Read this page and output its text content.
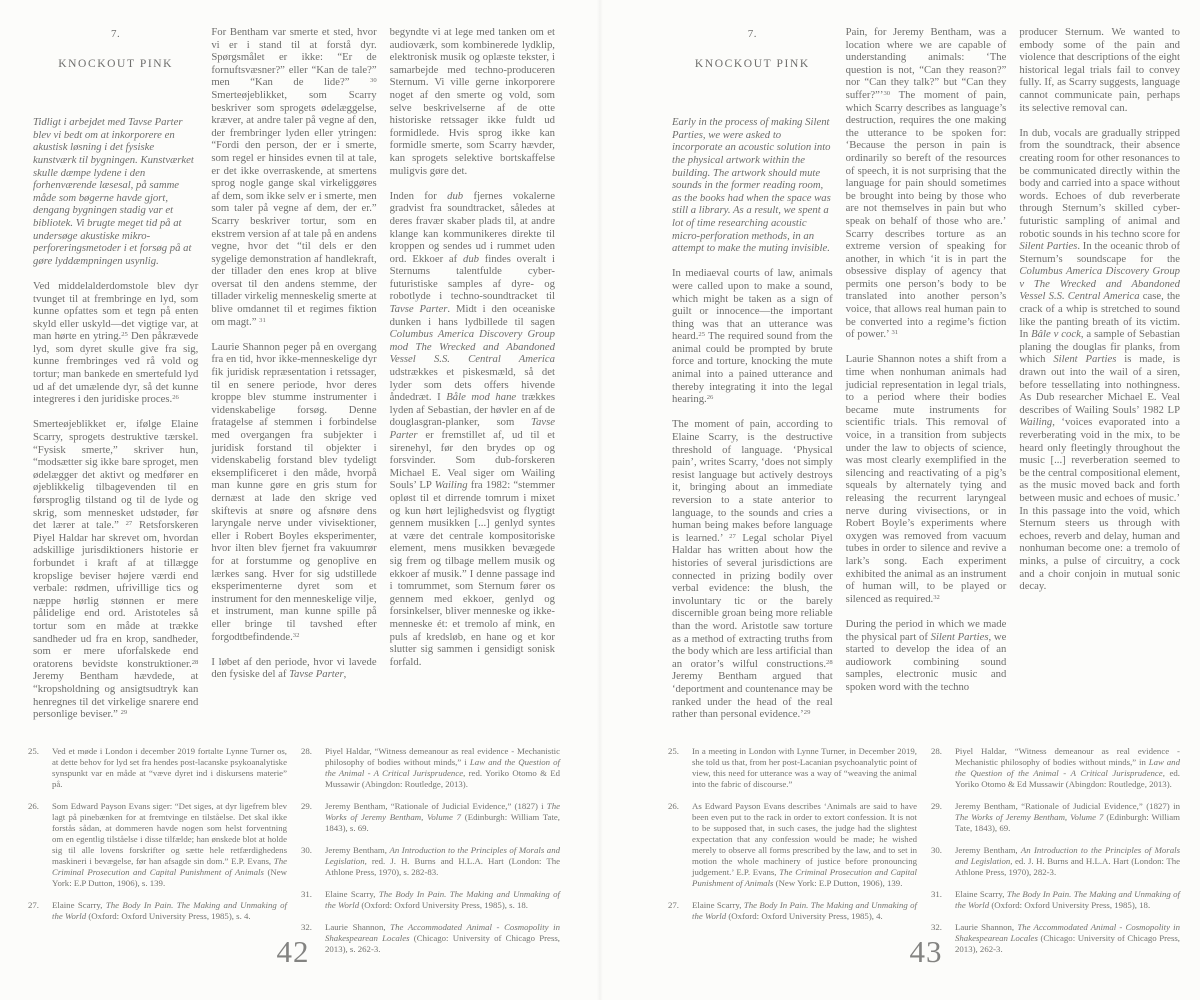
7.
KNOCKOUT PINK

Tidligt i arbejdet med Tavse Parter blev vi bedt om at inkorporere en akustisk løsning i det fysiske kunstværk til bygningen. Kunstværket skulle dæmpe lydene i den forhenværende læsesal, på samme måde som bøgerne havde gjort, dengang bygningen stadig var et bibliotek. Vi brugte meget tid på at undersøge akustiske mikro-perforeringsmetoder i et forsøg på at gøre lyddæmpningen usynlig.

Ved middelalderdomstole blev dyr tvunget til at frembringe en lyd, som kunne opfattes som et tegn på enten skyld eller uskyld—det vigtige var, at man hørte en ytring.$^{25}$ Den påkrævede lyd, som dyret skulle give fra sig, kunne frembringes ved rå vold og tortur; man bankede en smertefuld lyd ud af det umælende dyr, så det kunne integreres i den juridiske proces.$^{26}$

Smerteøjeblikket er, ifølge Elaine Scarry, sprogets destruktive tærskel. “Fysisk smerte,” skriver hun, “modsætter sig ikke bare sproget, men ødelægger det aktivt og medfører en øjeblikkelig tilbagevenden til en førsproglig tilstand og til de lyde og skrig, som mennesket udstøder, før det lærer at tale.” $^{27}$ Retsforskeren Piyel Haldar har skrevet om, hvordan adskillige jurisdiktioners historie er forbundet i kraft af at tillægge kropslige beviser højere værdi end verbale: rødmen, ufrivillige tics og næppe hørlig stønnen er mere pålidelige end ord. Aristoteles så tortur som en måde at trække sandheder ud fra en krop, sandheder, som er mere uforfalskede end oratorens bevidste konstruktioner.$^{28}$ Jeremy Bentham hævdede, at “kropsholdning og ansigtsudtryk kan henregnes til det virkelige snarere end personlige beviser.” $^{29}$

For Bentham var smerte et sted, hvor vi er i stand til at forstå dyr. Spørgsmålet er ikke: “Er de fornuftsvæsner?” eller “Kan de tale?” men “Kan de lide?” $^{30}$ Smerteøjeblikket, som Scarry beskriver som sprogets ødelæggelse, kræver, at andre taler på vegne af den, der frembringer lyden eller ytringen: “Fordi den person, der er i smerte, som regel er hinsides evnen til at tale, er det ikke overraskende, at smertens sprog nogle gange skal virkeliggøres af dem, som ikke selv er i smerte, men som taler på vegne af dem, der er.” Scarry beskriver tortur, som en ekstrem version af at tale på en andens vegne, hvor det “til dels er den sygelige demonstration af handlekraft, der tillader den enes krop at blive oversat til den andens stemme, der tillader virkelig menneskelig smerte at blive omdannet til et regimes fiktion om magt.” $^{31}$

Laurie Shannon peger på en overgang fra en tid, hvor ikke-menneskelige dyr fik juridisk repræsentation i retssager, til en senere periode, hvor deres kroppe blev stumme instrumenter i videnskabelige forsøg. Denne fratagelse af stemmen i forbindelse med overgangen fra subjekter i juridisk forstand til objekter i videnskabelig forstand blev tydeligt eksemplificeret i den måde, hvorpå man kunne gøre en gris stum for dernæst at lade den skrige ved skiftevis at snøre og afsnøre dens laryngale nerve under vivisektioner, eller i Robert Boyles eksperimenter, hvor ilten blev fjernet fra vakuumrør for at forstumme og genoplive en lærkes sang. Hver for sig udstillede eksperimenterne dyret som et instrument for den menneskelige vilje, et instrument, man kunne spille på eller bringe til tavshed efter forgodtbefindende.$^{32}$

I løbet af den periode, hvor vi lavede den fysiske del af Tavse Parter,

begyndte vi at lege med tanken om et audioværk, som kombinerede lydklip, elektronisk musik og oplæste tekster, i samarbejde med techno-produceren Sternum. Vi ville gerne inkorporere noget af den smerte og vold, som selve beskrivelserne af de otte historiske retssager ikke fuldt ud formidlede. Hvis sprog ikke kan formidle smerte, som Scarry hævder, kan sprogets selektive bortskaffelse muligvis gøre det.

Inden for dub fjernes vokalerne gradvist fra soundtracket, således at deres fravær skaber plads til, at andre klange kan kommunikeres direkte til kroppen og sendes ud i rummet uden ord. Ekkoer af dub findes overalt i Sternums talentfulde cyber-futuristiske samples af dyre- og robotlyde i techno-soundtracket til Tavse Parter. Midt i den oceaniske dunken i hans lydbillede til sagen Columbus America Discovery Group mod The Wrecked and Abandoned Vessel S.S. Central America udstrækkes et piskesmæld, så det lyder som dets offers hivende åndedræt. I Båle mod hane trækkes lyden af Sebastian, der høvler en af de douglasgran-planker, som Tavse Parter er fremstillet af, ud til et sirenehyl, før den brydes op og forsvinder. Som dub-forskeren Michael E. Veal siger om Wailing Souls’ LP Wailing fra 1982: “stemmer opløst til et dirrende tomrum i mixet og kun hørt lejlighedsvist og flygtigt gennem musikken [...] genlyd syntes at være det centrale kompositoriske element, mens musikken bevægede sig frem og tilbage mellem musik og ekkoer af musik.” I denne passage ind i tomrummet, som Sternum fører os gennem med ekkoer, genlyd og forsinkelser, bliver menneske og ikke-menneske ét: et tremolo af mink, en puls af kredsløb, en hane og et kor slutter sig sammen i gensidigt sonisk forfald.

25.	Ved et møde i London i december 2019 fortalte Lynne Turner os, at dette behov for lyd set fra hendes post-lacanske psykoanalytiske synspunkt var en måde at “væve dyret ind i diskursens materie” på.
26.	Som Edward Payson Evans siger: “Det siges, at dyr ligefrem blev lagt på pinebænken for at fremtvinge en tilståelse. Det skal ikke forstås sådan, at dommeren havde nogen som helst forventning om en egentlig tilståelse i disse tilfælde; han ønskede blot at holde sig til alle lovens forskrifter og sætte hele retfærdighedens maskineri i bevægelse, før han afsagde sin dom.” E.P. Evans, The Criminal Prosecution and Capital Punishment of Animals (New York: E.P Dutton, 1906), s. 139.
27.	Elaine Scarry, The Body In Pain. The Making and Unmaking of the World (Oxford: Oxford University Press, 1985), s. 4.
28.	Piyel Haldar, “Witness demeanour as real evidence - Mechanistic philosophy of bodies without minds,” i Law and the Question of the Animal - A Critical Jurisprudence, red. Yoriko Otomo & Ed Mussawir (Abingdon: Routledge, 2013).
29.	Jeremy Bentham, “Rationale of Judicial Evidence,” (1827) i The Works of Jeremy Bentham, Volume 7 (Edinburgh: William Tate, 1843), s. 69.
30.	Jeremy Bentham, An Introduction to the Principles of Morals and Legislation, red. J. H. Burns and H.L.A. Hart (London: The Athlone Press, 1970), s. 282-83.
31.	Elaine Scarry, The Body In Pain. The Making and Unmaking of the World (Oxford: Oxford University Press, 1985), s. 18.
32.	Laurie Shannon, The Accommodated Animal - Cosmopolity in Shakespearean Locales (Chicago: University of Chicago Press, 2013), s. 262-3.
42
7.
KNOCKOUT PINK

Early in the process of making Silent Parties, we were asked to incorporate an acoustic solution into the physical artwork within the building. The artwork should mute sounds in the former reading room, as the books had when the space was still a library. As a result, we spent a lot of time researching acoustic micro-perforation methods, in an attempt to make the muting invisible.

In mediaeval courts of law, animals were called upon to make a sound, which might be taken as a sign of guilt or innocence—the important thing was that an utterance was heard.$^{25}$ The required sound from the animal could be prompted by brute force and torture, knocking the mute animal into a pained utterance and thereby integrating it into the legal hearing.$^{26}$

The moment of pain, according to Elaine Scarry, is the destructive threshold of language. ‘Physical pain’, writes Scarry, ‘does not simply resist language but actively destroys it, bringing about an immediate reversion to a state anterior to language, to the sounds and cries a human being makes before language is learned.’ $^{27}$ Legal scholar Piyel Haldar has written about how the histories of several jurisdictions are connected in prizing bodily over verbal evidence: the blush, the involuntary tic or the barely discernible groan being more reliable than the word. Aristotle saw torture as a method of extracting truths from the body which are less artificial than an orator’s wilful constructions.$^{28}$ Jeremy Bentham argued that ‘deportment and countenance may be ranked under the head of the real rather than personal evidence.’$^{29}$

Pain, for Jeremy Bentham, was a location where we are capable of understanding animals: ‘The question is not, “Can they reason?” nor “Can they talk?” but “Can they suffer?”’$^{30}$ The moment of pain, which Scarry describes as language’s destruction, requires the one making the utterance to be spoken for: ‘Because the person in pain is ordinarily so bereft of the resources of speech, it is not surprising that the language for pain should sometimes be brought into being by those who are not themselves in pain but who speak on behalf of those who are.’ Scarry describes torture as an extreme version of speaking for another, in which ‘it is in part the obsessive display of agency that permits one person’s body to be translated into another person’s voice, that allows real human pain to be converted into a regime’s fiction of power.’ $^{31}$

Laurie Shannon notes a shift from a time when nonhuman animals had judicial representation in legal trials, to a period where their bodies became mute instruments for scientific trials. This removal of voice, in a transition from subjects under the law to objects of science, was most clearly exemplified in the silencing and reactivating of a pig’s squeals by alternately tying and releasing the recurrent laryngeal nerve during vivisections, or in Robert Boyle’s experiments where oxygen was removed from vacuum tubes in order to silence and revive a lark’s song. Each experiment exhibited the animal as an instrument of human will, to be played or silenced as required.$^{32}$

During the period in which we made the physical part of Silent Parties, we started to develop the idea of an audiowork combining sound samples, electronic music and spoken word with the techno

producer Sternum. We wanted to embody some of the pain and violence that descriptions of the eight historical legal trials fail to convey fully. If, as Scarry suggests, language cannot communicate pain, perhaps its selective removal can.

In dub, vocals are gradually stripped from the soundtrack, their absence creating room for other resonances to be communicated directly within the body and carried into a space without words. Echoes of dub reverberate through Sternum’s skilled cyber-futuristic sampling of animal and robotic sounds in his techno score for Silent Parties. In the oceanic throb of Sternum’s soundscape for the Columbus America Discovery Group v The Wrecked and Abandoned Vessel S.S. Central America case, the crack of a whip is stretched to sound like the panting breath of its victim. In Bâle v cock, a sample of Sebastian planing the douglas fir planks, from which Silent Parties is made, is drawn out into the wail of a siren, before tessellating into nothingness. As Dub researcher Michael E. Veal describes of Wailing Souls’ 1982 LP Wailing, ‘voices evaporated into a reverberating void in the mix, to be heard only fleetingly throughout the music [...] reverberation seemed to be the central compositional element, as the music moved back and forth between music and echoes of music.’ In this passage into the void, which Sternum steers us through with echoes, reverb and delay, human and nonhuman become one: a tremolo of minks, a pulse of circuitry, a cock and a choir conjoin in mutual sonic decay.

25.	In a meeting in London with Lynne Turner, in December 2019, she told us that, from her post-Lacanian psychoanalytic point of view, this need for utterance was a way of “weaving the animal into the fabric of discourse.”
26.	As Edward Payson Evans describes ‘Animals are said to have been even put to the rack in order to extort confession. It is not to be supposed that, in such cases, the judge had the slightest expectation that any confession would be made; he wished merely to observe all forms prescribed by the law, and to set in motion the whole machinery of justice before pronouncing judgement.’ E.P. Evans, The Criminal Prosecution and Capital Punishment of Animals (New York: E.P Dutton, 1906), 139.
27.	Elaine Scarry, The Body In Pain. The Making and Unmaking of the World (Oxford: Oxford University Press, 1985), 4.
28.	Piyel Haldar, “Witness demeanour as real evidence - Mechanistic philosophy of bodies without minds,” in Law and the Question of the Animal - A Critical Jurisprudence, ed. Yoriko Otomo & Ed Mussawir (Abingdon: Routledge, 2013).
29.	Jeremy Bentham, “Rationale of Judicial Evidence,” (1827) in The Works of Jeremy Bentham, Volume 7 (Edinburgh: William Tate, 1843), 69.
30.	Jeremy Bentham, An Introduction to the Principles of Morals and Legislation, ed. J. H. Burns and H.L.A. Hart (London: The Athlone Press, 1970), 282-3.
31.	Elaine Scarry, The Body In Pain. The Making and Unmaking of the World (Oxford: Oxford University Press, 1985), 18.
32.	Laurie Shannon, The Accommodated Animal - Cosmopolity in Shakespearean Locales (Chicago: University of Chicago Press, 2013), 262-3.
43
